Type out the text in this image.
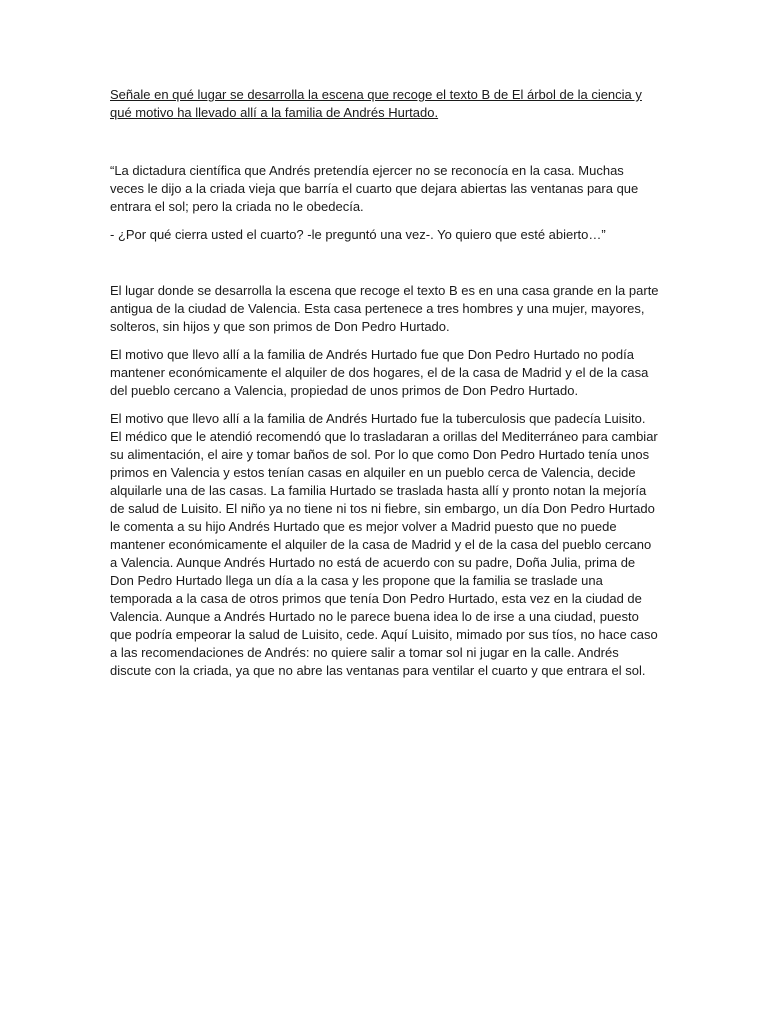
Señale en qué lugar se desarrolla la escena que recoge el texto B de El árbol de la ciencia y qué motivo ha llevado allí a la familia de Andrés Hurtado.

“La dictadura científica que Andrés pretendía ejercer no se reconocía en la casa. Muchas veces le dijo a la criada vieja que barría el cuarto que dejara abiertas las ventanas para que entrara el sol; pero la criada no le obedecía.

- ¿Por qué cierra usted el cuarto? -le preguntó una vez-. Yo quiero que esté abierto…”

El lugar donde se desarrolla la escena que recoge el texto B es en una casa grande en la parte antigua de la ciudad de Valencia. Esta casa pertenece a tres hombres y una mujer, mayores, solteros, sin hijos y que son primos de Don Pedro Hurtado.

El motivo que llevo allí a la familia de Andrés Hurtado fue que Don Pedro Hurtado no podía mantener económicamente el alquiler de dos hogares, el de la casa de Madrid y el de la casa del pueblo cercano a Valencia, propiedad de unos primos de Don Pedro Hurtado.

El motivo que llevo allí a la familia de Andrés Hurtado fue la tuberculosis que padecía Luisito. El médico que le atendió recomendó que lo trasladaran a orillas del Mediterráneo para cambiar su alimentación, el aire y tomar baños de sol. Por lo que como Don Pedro Hurtado tenía unos primos en Valencia y estos tenían casas en alquiler en un pueblo cerca de Valencia, decide alquilarle una de las casas. La familia Hurtado se traslada hasta allí y pronto notan la mejoría de salud de Luisito. El niño ya no tiene ni tos ni fiebre, sin embargo, un día Don Pedro Hurtado le comenta a su hijo Andrés Hurtado que es mejor volver a Madrid puesto que no puede mantener económicamente el alquiler de la casa de Madrid y el de la casa del pueblo cercano a Valencia. Aunque Andrés Hurtado no está de acuerdo con su padre, Doña Julia, prima de Don Pedro Hurtado llega un día a la casa y les propone que la familia se traslade una temporada a la casa de otros primos que tenía Don Pedro Hurtado, esta vez en la ciudad de Valencia. Aunque a Andrés Hurtado no le parece buena idea lo de irse a una ciudad, puesto que podría empeorar la salud de Luisito, cede. Aquí Luisito, mimado por sus tíos, no hace caso a las recomendaciones de Andrés: no quiere salir a tomar sol ni jugar en la calle. Andrés discute con la criada, ya que no abre las ventanas para ventilar el cuarto y que entrara el sol.
